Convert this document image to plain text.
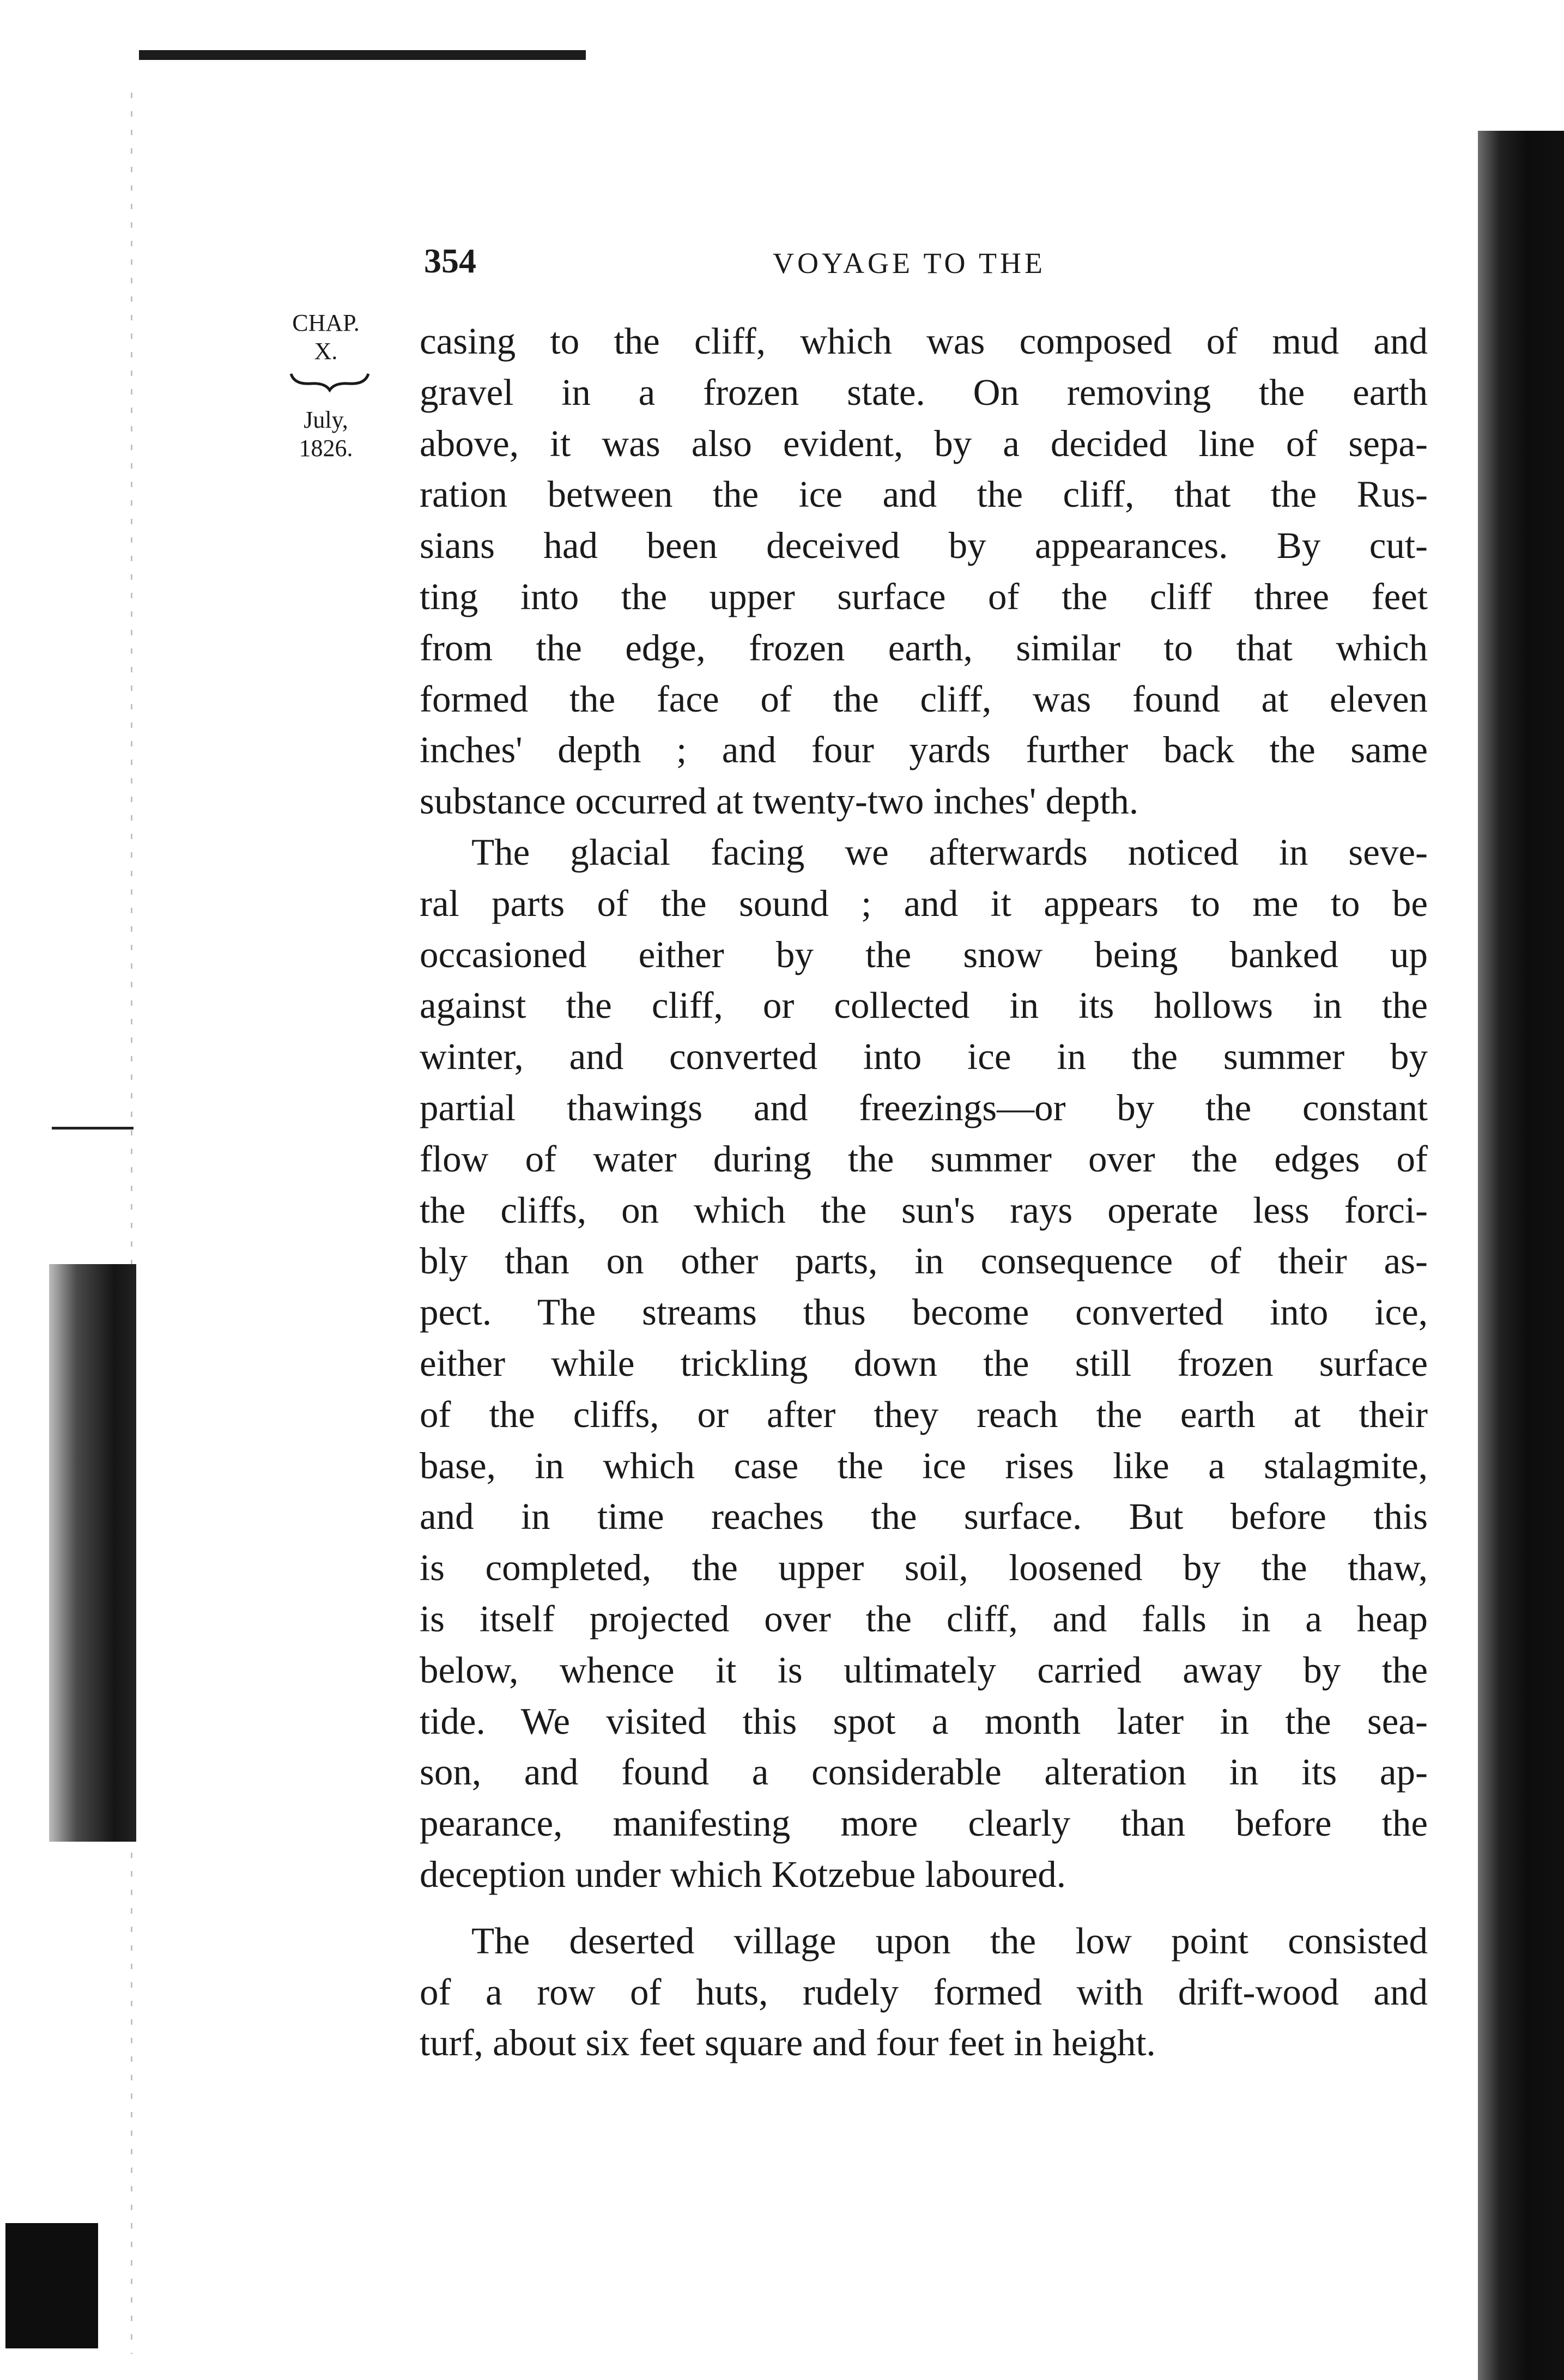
354	VOYAGE TO THE
CHAP.
X.
July,
1826.
casing to the cliff, which was composed of mud and
gravel in a frozen state. On removing the earth
above, it was also evident, by a decided line of sepa-
ration between the ice and the cliff, that the Rus-
sians had been deceived by appearances. By cut-
ting into the upper surface of the cliff three feet
from the edge, frozen earth, similar to that which
formed the face of the cliff, was found at eleven
inches' depth ; and four yards further back the same
substance occurred at twenty-two inches' depth.
The glacial facing we afterwards noticed in seve-
ral parts of the sound ; and it appears to me to be
occasioned either by the snow being banked up
against the cliff, or collected in its hollows in the
winter, and converted into ice in the summer by
partial thawings and freezings—or by the constant
flow of water during the summer over the edges of
the cliffs, on which the sun's rays operate less forci-
bly than on other parts, in consequence of their as-
pect. The streams thus become converted into ice,
either while trickling down the still frozen surface
of the cliffs, or after they reach the earth at their
base, in which case the ice rises like a stalagmite,
and in time reaches the surface. But before this
is completed, the upper soil, loosened by the thaw,
is itself projected over the cliff, and falls in a heap
below, whence it is ultimately carried away by the
tide. We visited this spot a month later in the sea-
son, and found a considerable alteration in its ap-
pearance, manifesting more clearly than before the
deception under which Kotzebue laboured.
The deserted village upon the low point consisted
of a row of huts, rudely formed with drift-wood and
turf, about six feet square and four feet in height.
